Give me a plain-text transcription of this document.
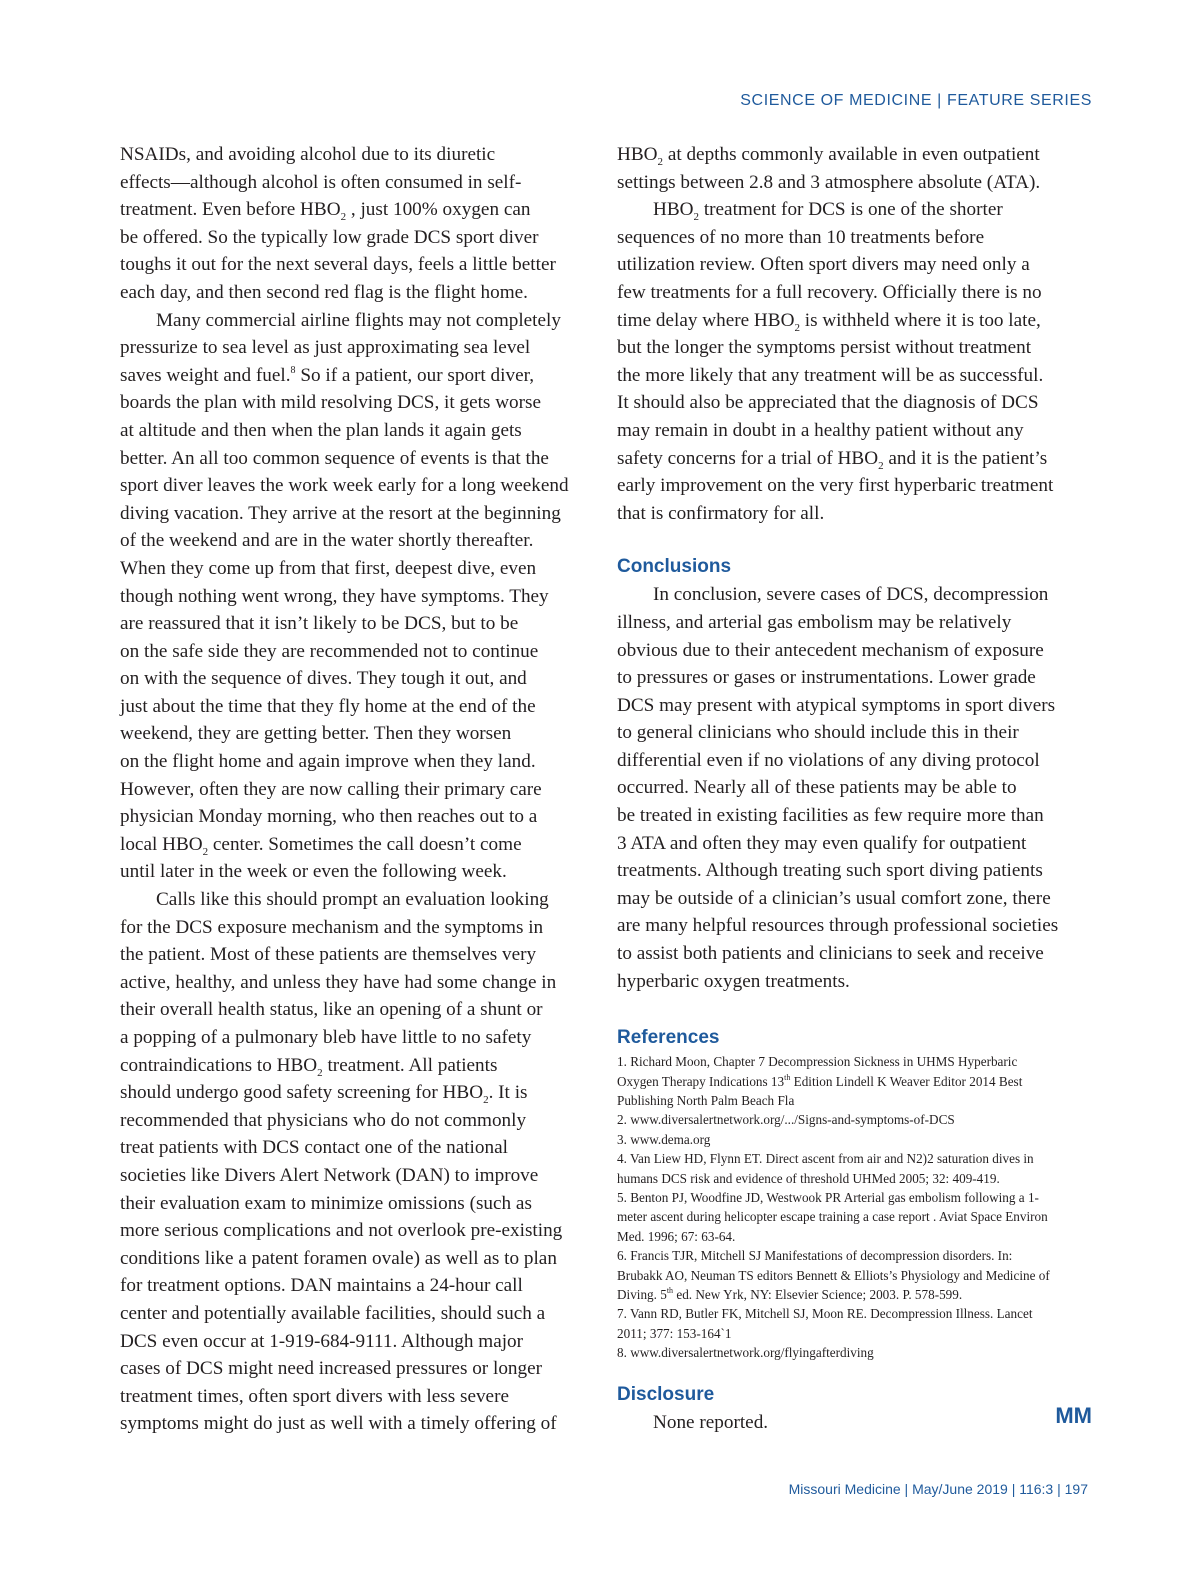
SCIENCE OF MEDICINE | FEATURE SERIES
NSAIDs, and avoiding alcohol due to its diuretic
effects—although alcohol is often consumed in self-
treatment. Even before $HBO_2$ , just 100% oxygen can
be offered. So the typically low grade DCS sport diver
toughs it out for the next several days, feels a little better
each day, and then second red flag is the flight home.
Many commercial airline flights may not completely
pressurize to sea level as just approximating sea level
saves weight and fuel.$^8$ So if a patient, our sport diver,
boards the plan with mild resolving DCS, it gets worse
at altitude and then when the plan lands it again gets
better. An all too common sequence of events is that the
sport diver leaves the work week early for a long weekend
diving vacation. They arrive at the resort at the beginning
of the weekend and are in the water shortly thereafter.
When they come up from that first, deepest dive, even
though nothing went wrong, they have symptoms. They
are reassured that it isn’t likely to be DCS, but to be
on the safe side they are recommended not to continue
on with the sequence of dives. They tough it out, and
just about the time that they fly home at the end of the
weekend, they are getting better. Then they worsen
on the flight home and again improve when they land.
However, often they are now calling their primary care
physician Monday morning, who then reaches out to a
local $HBO_2$ center. Sometimes the call doesn’t come
until later in the week or even the following week.
Calls like this should prompt an evaluation looking
for the DCS exposure mechanism and the symptoms in
the patient. Most of these patients are themselves very
active, healthy, and unless they have had some change in
their overall health status, like an opening of a shunt or
a popping of a pulmonary bleb have little to no safety
contraindications to $HBO_2$ treatment. All patients
should undergo good safety screening for $HBO_2$. It is
recommended that physicians who do not commonly
treat patients with DCS contact one of the national
societies like Divers Alert Network (DAN) to improve
their evaluation exam to minimize omissions (such as
more serious complications and not overlook pre-existing
conditions like a patent foramen ovale) as well as to plan
for treatment options. DAN maintains a 24-hour call
center and potentially available facilities, should such a
DCS even occur at 1-919-684-9111. Although major
cases of DCS might need increased pressures or longer
treatment times, often sport divers with less severe
symptoms might do just as well with a timely offering of
$HBO_2$ at depths commonly available in even outpatient
settings between 2.8 and 3 atmosphere absolute (ATA).
$HBO_2$ treatment for DCS is one of the shorter
sequences of no more than 10 treatments before
utilization review. Often sport divers may need only a
few treatments for a full recovery. Officially there is no
time delay where $HBO_2$ is withheld where it is too late,
but the longer the symptoms persist without treatment
the more likely that any treatment will be as successful.
It should also be appreciated that the diagnosis of DCS
may remain in doubt in a healthy patient without any
safety concerns for a trial of $HBO_2$ and it is the patient’s
early improvement on the very first hyperbaric treatment
that is confirmatory for all.
Conclusions
In conclusion, severe cases of DCS, decompression
illness, and arterial gas embolism may be relatively
obvious due to their antecedent mechanism of exposure
to pressures or gases or instrumentations. Lower grade
DCS may present with atypical symptoms in sport divers
to general clinicians who should include this in their
differential even if no violations of any diving protocol
occurred. Nearly all of these patients may be able to
be treated in existing facilities as few require more than
3 ATA and often they may even qualify for outpatient
treatments. Although treating such sport diving patients
may be outside of a clinician’s usual comfort zone, there
are many helpful resources through professional societies
to assist both patients and clinicians to seek and receive
hyperbaric oxygen treatments.
References
1. Richard Moon, Chapter 7 Decompression Sickness in UHMS Hyperbaric
Oxygen Therapy Indications 13th Edition Lindell K Weaver Editor 2014 Best
Publishing North Palm Beach Fla
2. www.diversalertnetwork.org/.../Signs-and-symptoms-of-DCS
3. www.dema.org
4. Van Liew HD, Flynn ET. Direct ascent from air and N2)2 saturation dives in
humans DCS risk and evidence of threshold UHMed 2005; 32: 409-419.
5. Benton PJ, Woodfine JD, Westwook PR Arterial gas embolism following a 1-
meter ascent during helicopter escape training a case report . Aviat Space Environ
Med. 1996; 67: 63-64.
6. Francis TJR, Mitchell SJ Manifestations of decompression disorders. In:
Brubakk AO, Neuman TS editors Bennett & Elliots’s Physiology and Medicine of
Diving. 5th ed. New Yrk, NY: Elsevier Science; 2003. P. 578-599.
7. Vann RD, Butler FK, Mitchell SJ, Moon RE. Decompression Illness. Lancet
2011; 377: 153-164`1
8. www.diversalertnetwork.org/flyingafterdiving
Disclosure
None reported.	MM
Missouri Medicine | May/June 2019 | 116:3 | 197
